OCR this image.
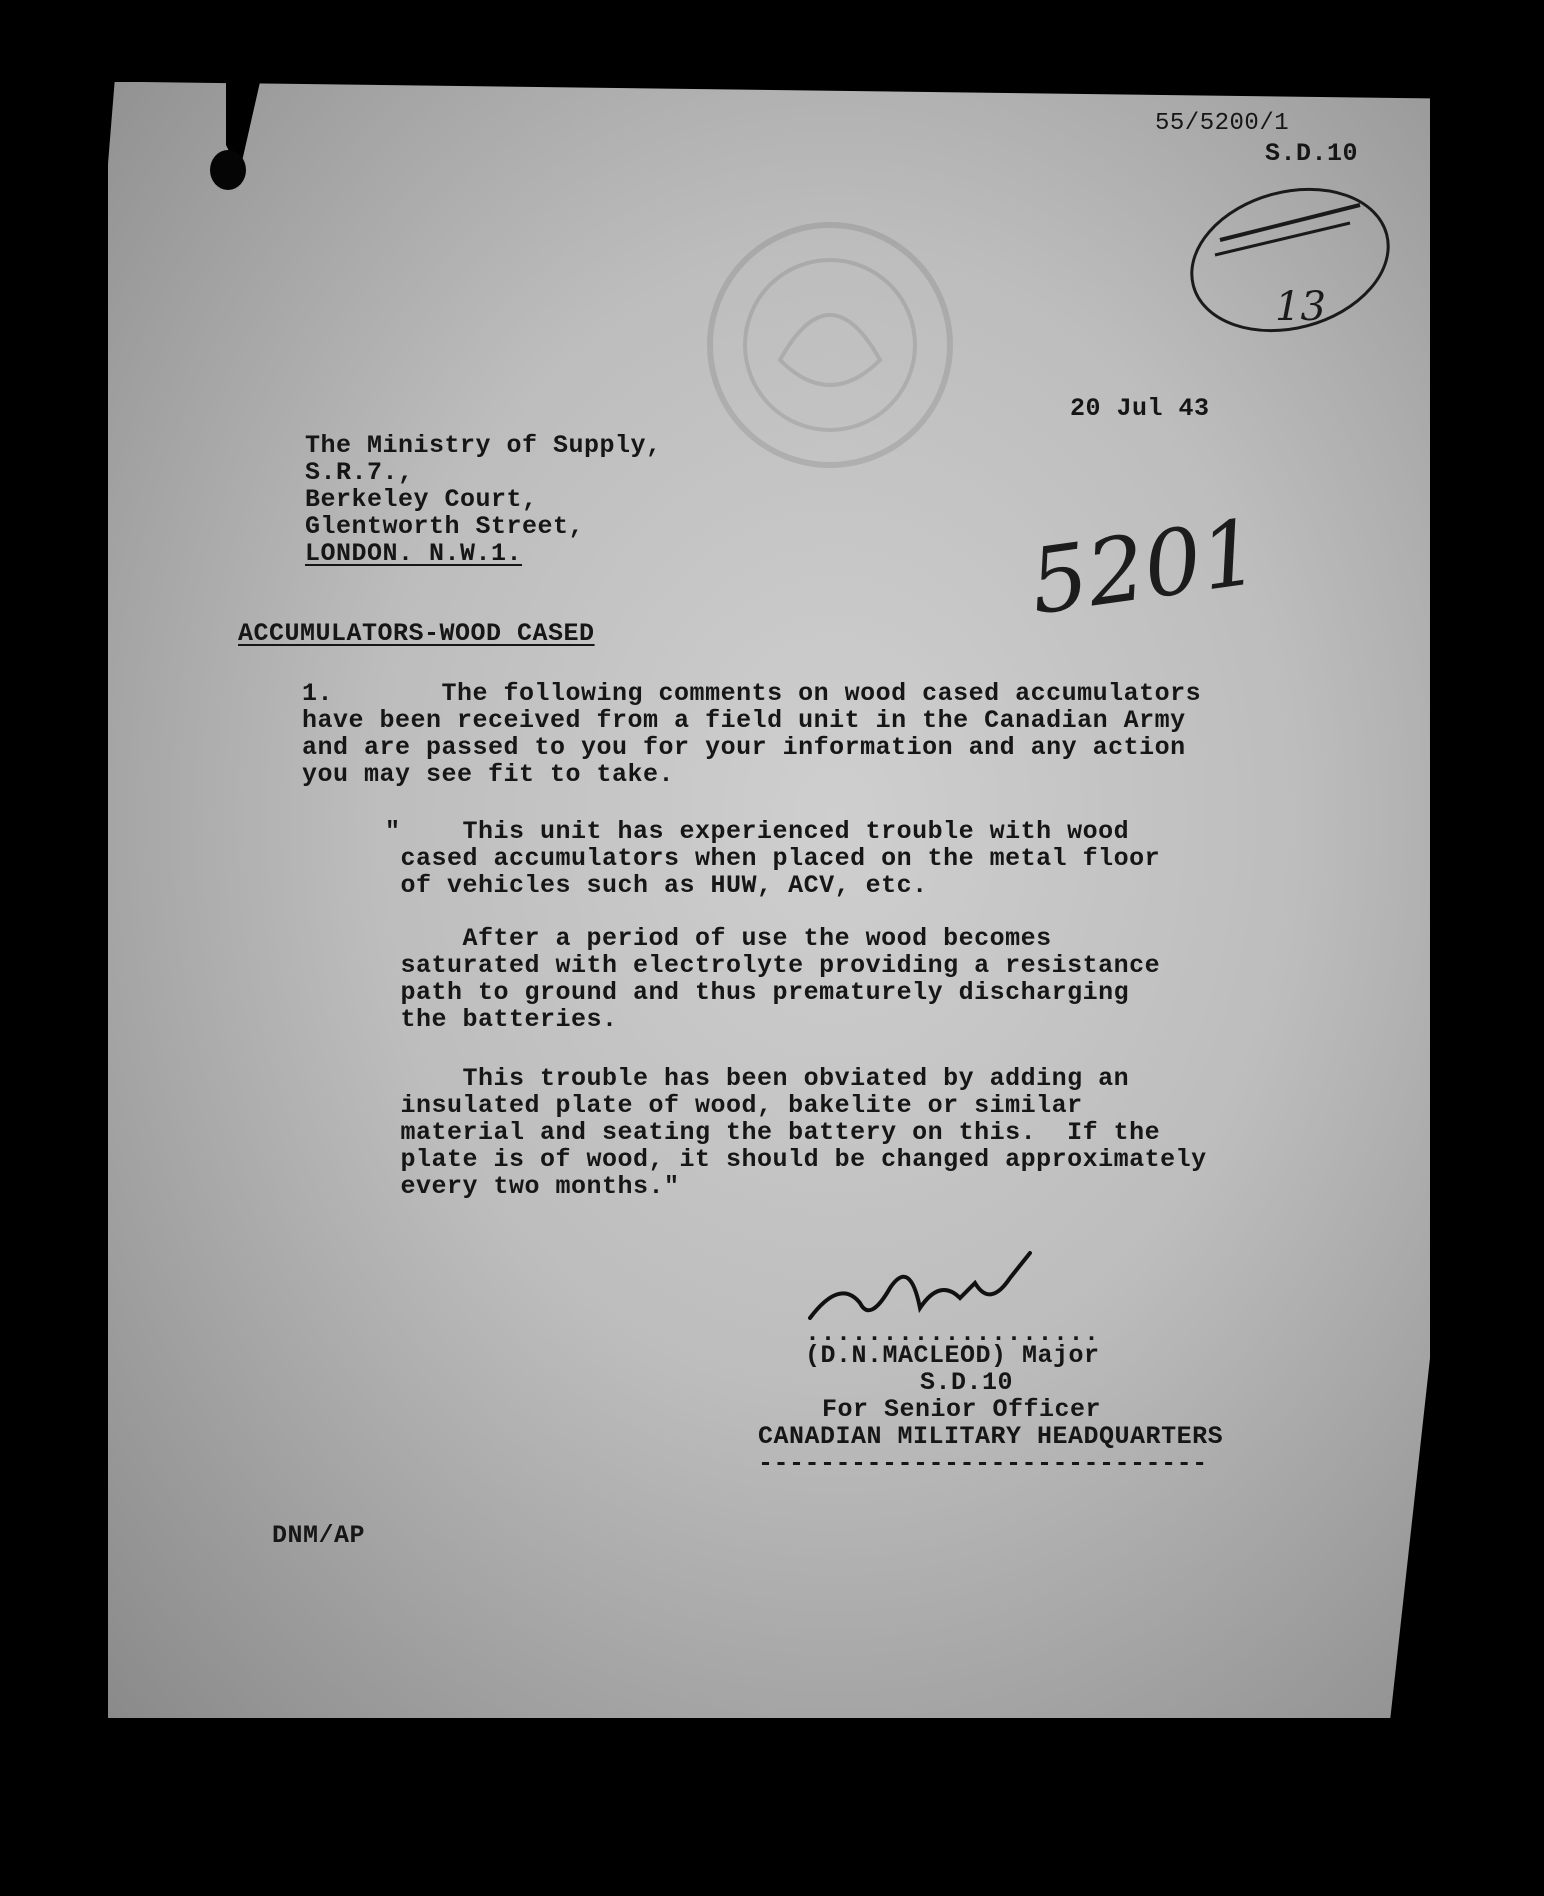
55/5200/1
S.D.10
13
20 Jul 43
The Ministry of Supply,
S.R.7.,
Berkeley Court,
Glentworth Street,
LONDON. N.W.1.	5201
ACCUMULATORS-WOOD CASED
1.       The following comments on wood cased accumulators
have been received from a field unit in the Canadian Army
and are passed to you for your information and any action
you may see fit to take.
"    This unit has experienced trouble with wood
cased accumulators when placed on the metal floor
of vehicles such as HUW, ACV, etc.
After a period of use the wood becomes
saturated with electrolyte providing a resistance
path to ground and thus prematurely discharging
the batteries.
This trouble has been obviated by adding an
insulated plate of wood, bakelite or similar
material and seating the battery on this.  If the
plate is of wood, it should be changed approximately
every two months."
...................
(D.N.MACLEOD) Major
S.D.10
For Senior Officer
CANADIAN MILITARY HEADQUARTERS
-----------------------------
DNM/AP
